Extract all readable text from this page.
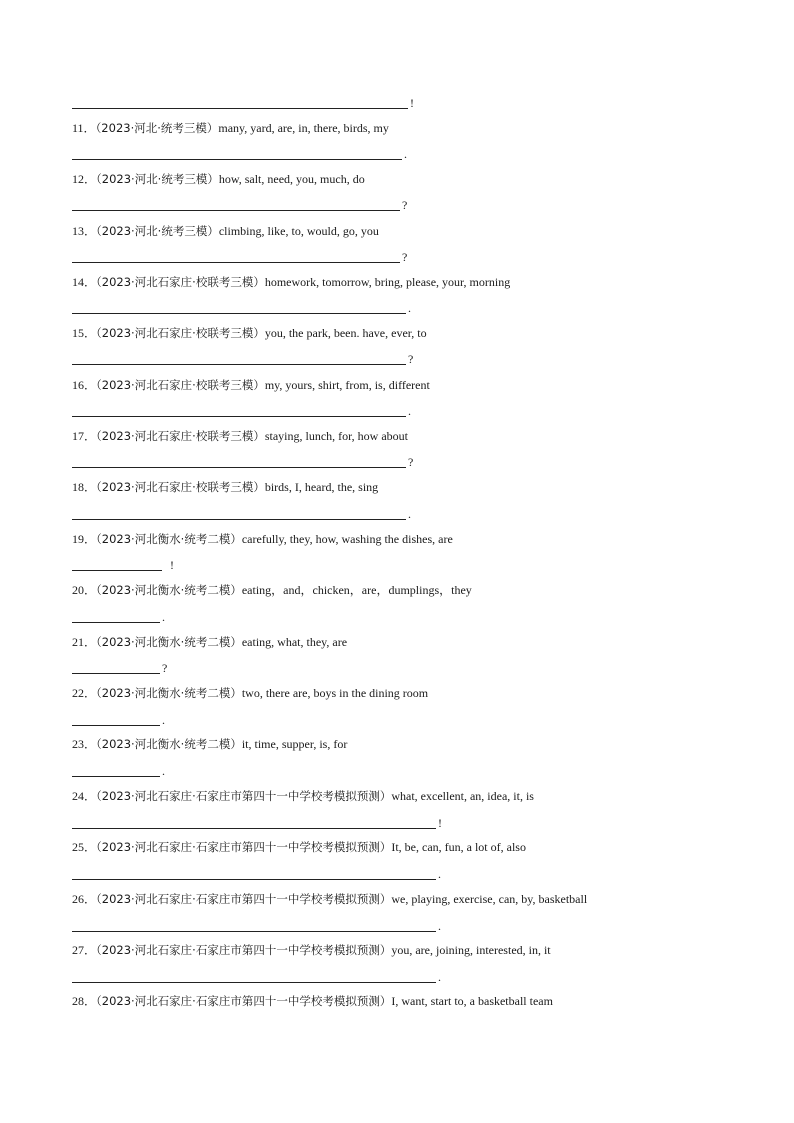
!
11．（2023·河北·统考三模）many, yard, are, in, there, birds, my
.
12．（2023·河北·统考三模）how, salt, need, you, much, do
?
13．（2023·河北·统考三模）climbing, like, to, would, go, you
?
14．（2023·河北石家庄·校联考三模）homework, tomorrow, bring, please, your, morning
.
15．（2023·河北石家庄·校联考三模）you, the park, been. have, ever, to
?
16．（2023·河北石家庄·校联考三模）my, yours, shirt, from, is, different
.
17．（2023·河北石家庄·校联考三模）staying, lunch, for, how about
?
18．（2023·河北石家庄·校联考三模）birds, I, heard, the, sing
.
19．（2023·河北衡水·统考二模）carefully, they, how, washing the dishes, are
!
20．（2023·河北衡水·统考二模）eating，and，chicken，are，dumplings，they
.
21．（2023·河北衡水·统考二模）eating, what, they, are
?
22．（2023·河北衡水·统考二模）two, there are, boys in the dining room
.
23．（2023·河北衡水·统考二模）it, time, supper, is, for
.
24．（2023·河北石家庄·石家庄市第四十一中学校考模拟预测）what, excellent, an, idea, it, is
!
25．（2023·河北石家庄·石家庄市第四十一中学校考模拟预测）It, be, can, fun, a lot of, also
.
26．（2023·河北石家庄·石家庄市第四十一中学校考模拟预测）we, playing, exercise, can, by, basketball
.
27．（2023·河北石家庄·石家庄市第四十一中学校考模拟预测）you, are, joining, interested, in, it
.
28．（2023·河北石家庄·石家庄市第四十一中学校考模拟预测）I, want, start to, a basketball team
